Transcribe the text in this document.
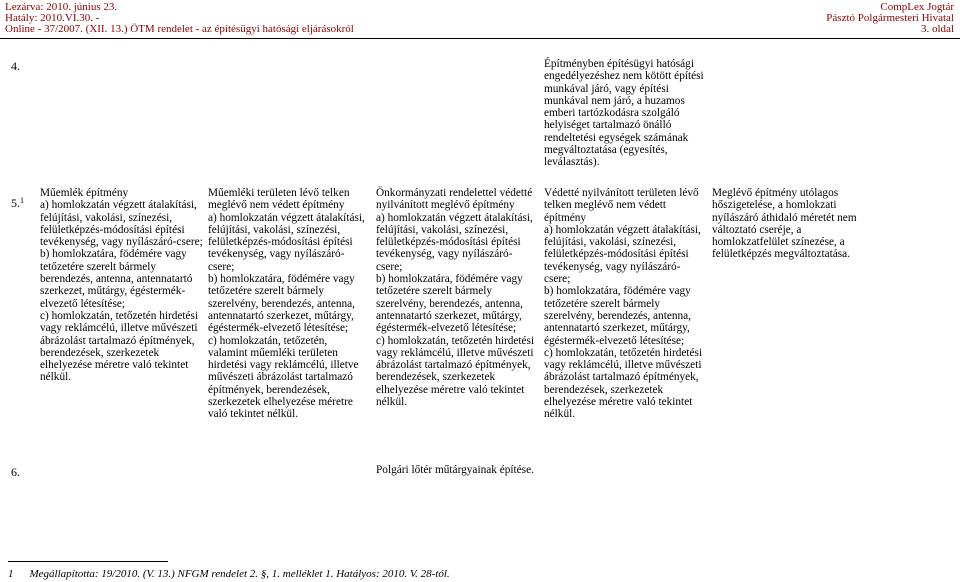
Lezárva: 2010. június 23.
Hatály: 2010.VI.30. -
Online - 37/2007. (XII. 13.) ÖTM rendelet - az építésügyi hatósági eljárásokról
CompLex Jogtár
Pásztó Polgármesteri Hivatal
3. oldal
4.	Építményben építésügyi hatósági engedélyezéshez nem kötött építési munkával járó, vagy építési munkával nem járó, a huzamos emberi tartózkodásra szolgáló helyiséget tartalmazó önálló rendeltetési egységek számának megváltoztatása (egyesítés, leválasztás).
5.$^1$
Műemlék építmény
a) homlokzatán végzett átalakítási, felújítási, vakolási, színezési, felületképzés-módosítási építési tevékenység, vagy nyílászáró-csere;
b) homlokzatára, födémére vagy tetőzetére szerelt bármely berendezés, antenna, antennatartó szerkezet, műtárgy, égéstermék-elvezető létesítése;
c) homlokzatán, tetőzetén hirdetési vagy reklámcélú, illetve művészeti ábrázolást tartalmazó építmények, berendezések, szerkezetek elhelyezése méretre való tekintet nélkül.
Műemléki területen lévő telken meglévő nem védett építmény
a) homlokzatán végzett átalakítási, felújítási, vakolási, színezési, felületképzés-módosítási építési tevékenység, vagy nyílászáró-csere;
b) homlokzatára, födémére vagy tetőzetére szerelt bármely szerelvény, berendezés, antenna, antennatartó szerkezet, műtárgy, égéstermék-elvezető létesítése;
c) homlokzatán, tetőzetén, valamint műemléki területen hirdetési vagy reklámcélú, illetve művészeti ábrázolást tartalmazó építmények, berendezések, szerkezetek elhelyezése méretre való tekintet nélkül.
Önkormányzati rendelettel védetté nyilvánított meglévő építmény
a) homlokzatán végzett átalakítási, felújítási, vakolási, színezési, felületképzés-módosítási építési tevékenység, vagy nyílászáró-csere;
b) homlokzatára, födémére vagy tetőzetére szerelt bármely szerelvény, berendezés, antenna, antennatartó szerkezet, műtárgy, égéstermék-elvezető létesítése;
c) homlokzatán, tetőzetén hirdetési vagy reklámcélú, illetve művészeti ábrázolást tartalmazó építmények, berendezések, szerkezetek elhelyezése méretre való tekintet nélkül.
Védetté nyilvánított területen lévő telken meglévő nem védett építmény
a) homlokzatán végzett átalakítási, felújítási, vakolási, színezési, felületképzés-módosítási építési tevékenység, vagy nyílászáró-csere;
b) homlokzatára, födémére vagy tetőzetére szerelt bármely szerelvény, berendezés, antenna, antennatartó szerkezet, műtárgy, égéstermék-elvezető létesítése;
c) homlokzatán, tetőzetén hirdetési vagy reklámcélú, illetve művészeti ábrázolást tartalmazó építmények, berendezések, szerkezetek elhelyezése méretre való tekintet nélkül.
Meglévő építmény utólagos hőszigetelése, a homlokzati nyílászáró áthidaló méretét nem változtató cseréje, a homlokzatfelület színezése, a felületképzés megváltoztatása.
6.	Polgári lőtér műtárgyainak építése.
1 Megállapította: 19/2010. (V. 13.) NFGM rendelet 2. §, 1. melléklet 1. Hatályos: 2010. V. 28-tól.
